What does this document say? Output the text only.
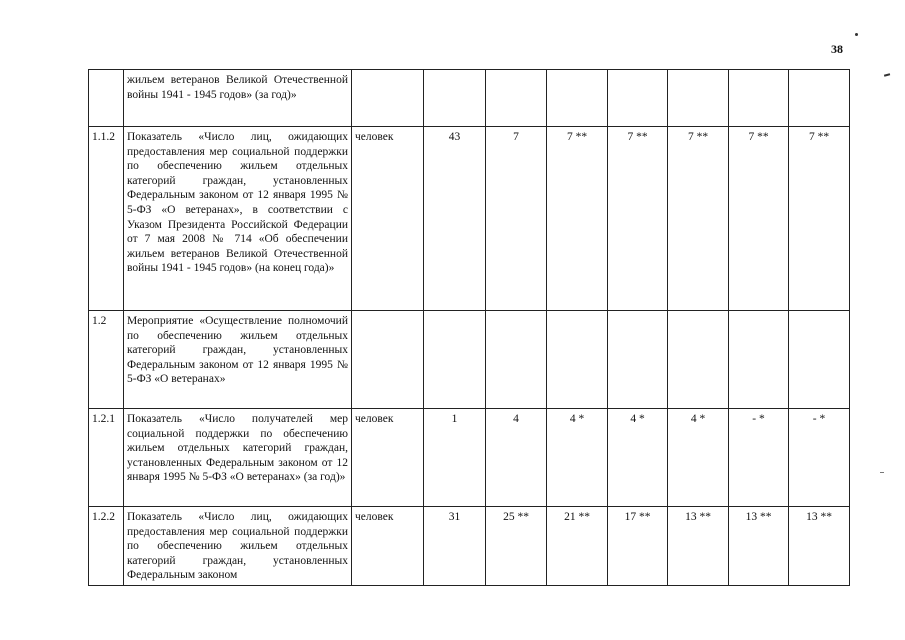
38
	жильем ветеранов Великой Отечественной войны 1941 - 1945 годов» (за год)»								
1.1.2	Показатель «Число лиц, ожидающих предоставления мер социальной поддержки по обеспечению жильем отдельных категорий граждан, установленных Федеральным законом от 12 января 1995 № 5-ФЗ «О ветеранах», в соответствии с Указом Президента Российской Федерации от 7 мая 2008 № 714 «Об обеспечении жильем ветеранов Великой Отечественной войны 1941 - 1945 годов» (на конец года)»	человек	43	7	7 **	7 **	7 **	7 **	7 **
1.2	Мероприятие «Осуществление полномочий по обеспечению жильем отдельных категорий граждан, установленных Федеральным законом от 12 января 1995 № 5-ФЗ «О ветеранах»								
1.2.1	Показатель «Число получателей мер социальной поддержки по обеспечению жильем отдельных категорий граждан, установленных Федеральным законом от 12 января 1995 № 5-ФЗ «О ветеранах» (за год)»	человек	1	4	4 *	4 *	4 *	- *	- *
1.2.2	Показатель «Число лиц, ожидающих предоставления мер социальной поддержки по обеспечению жильем отдельных категорий граждан, установленных Федеральным законом	человек	31	25 **	21 **	17 **	13 **	13 **	13 **
